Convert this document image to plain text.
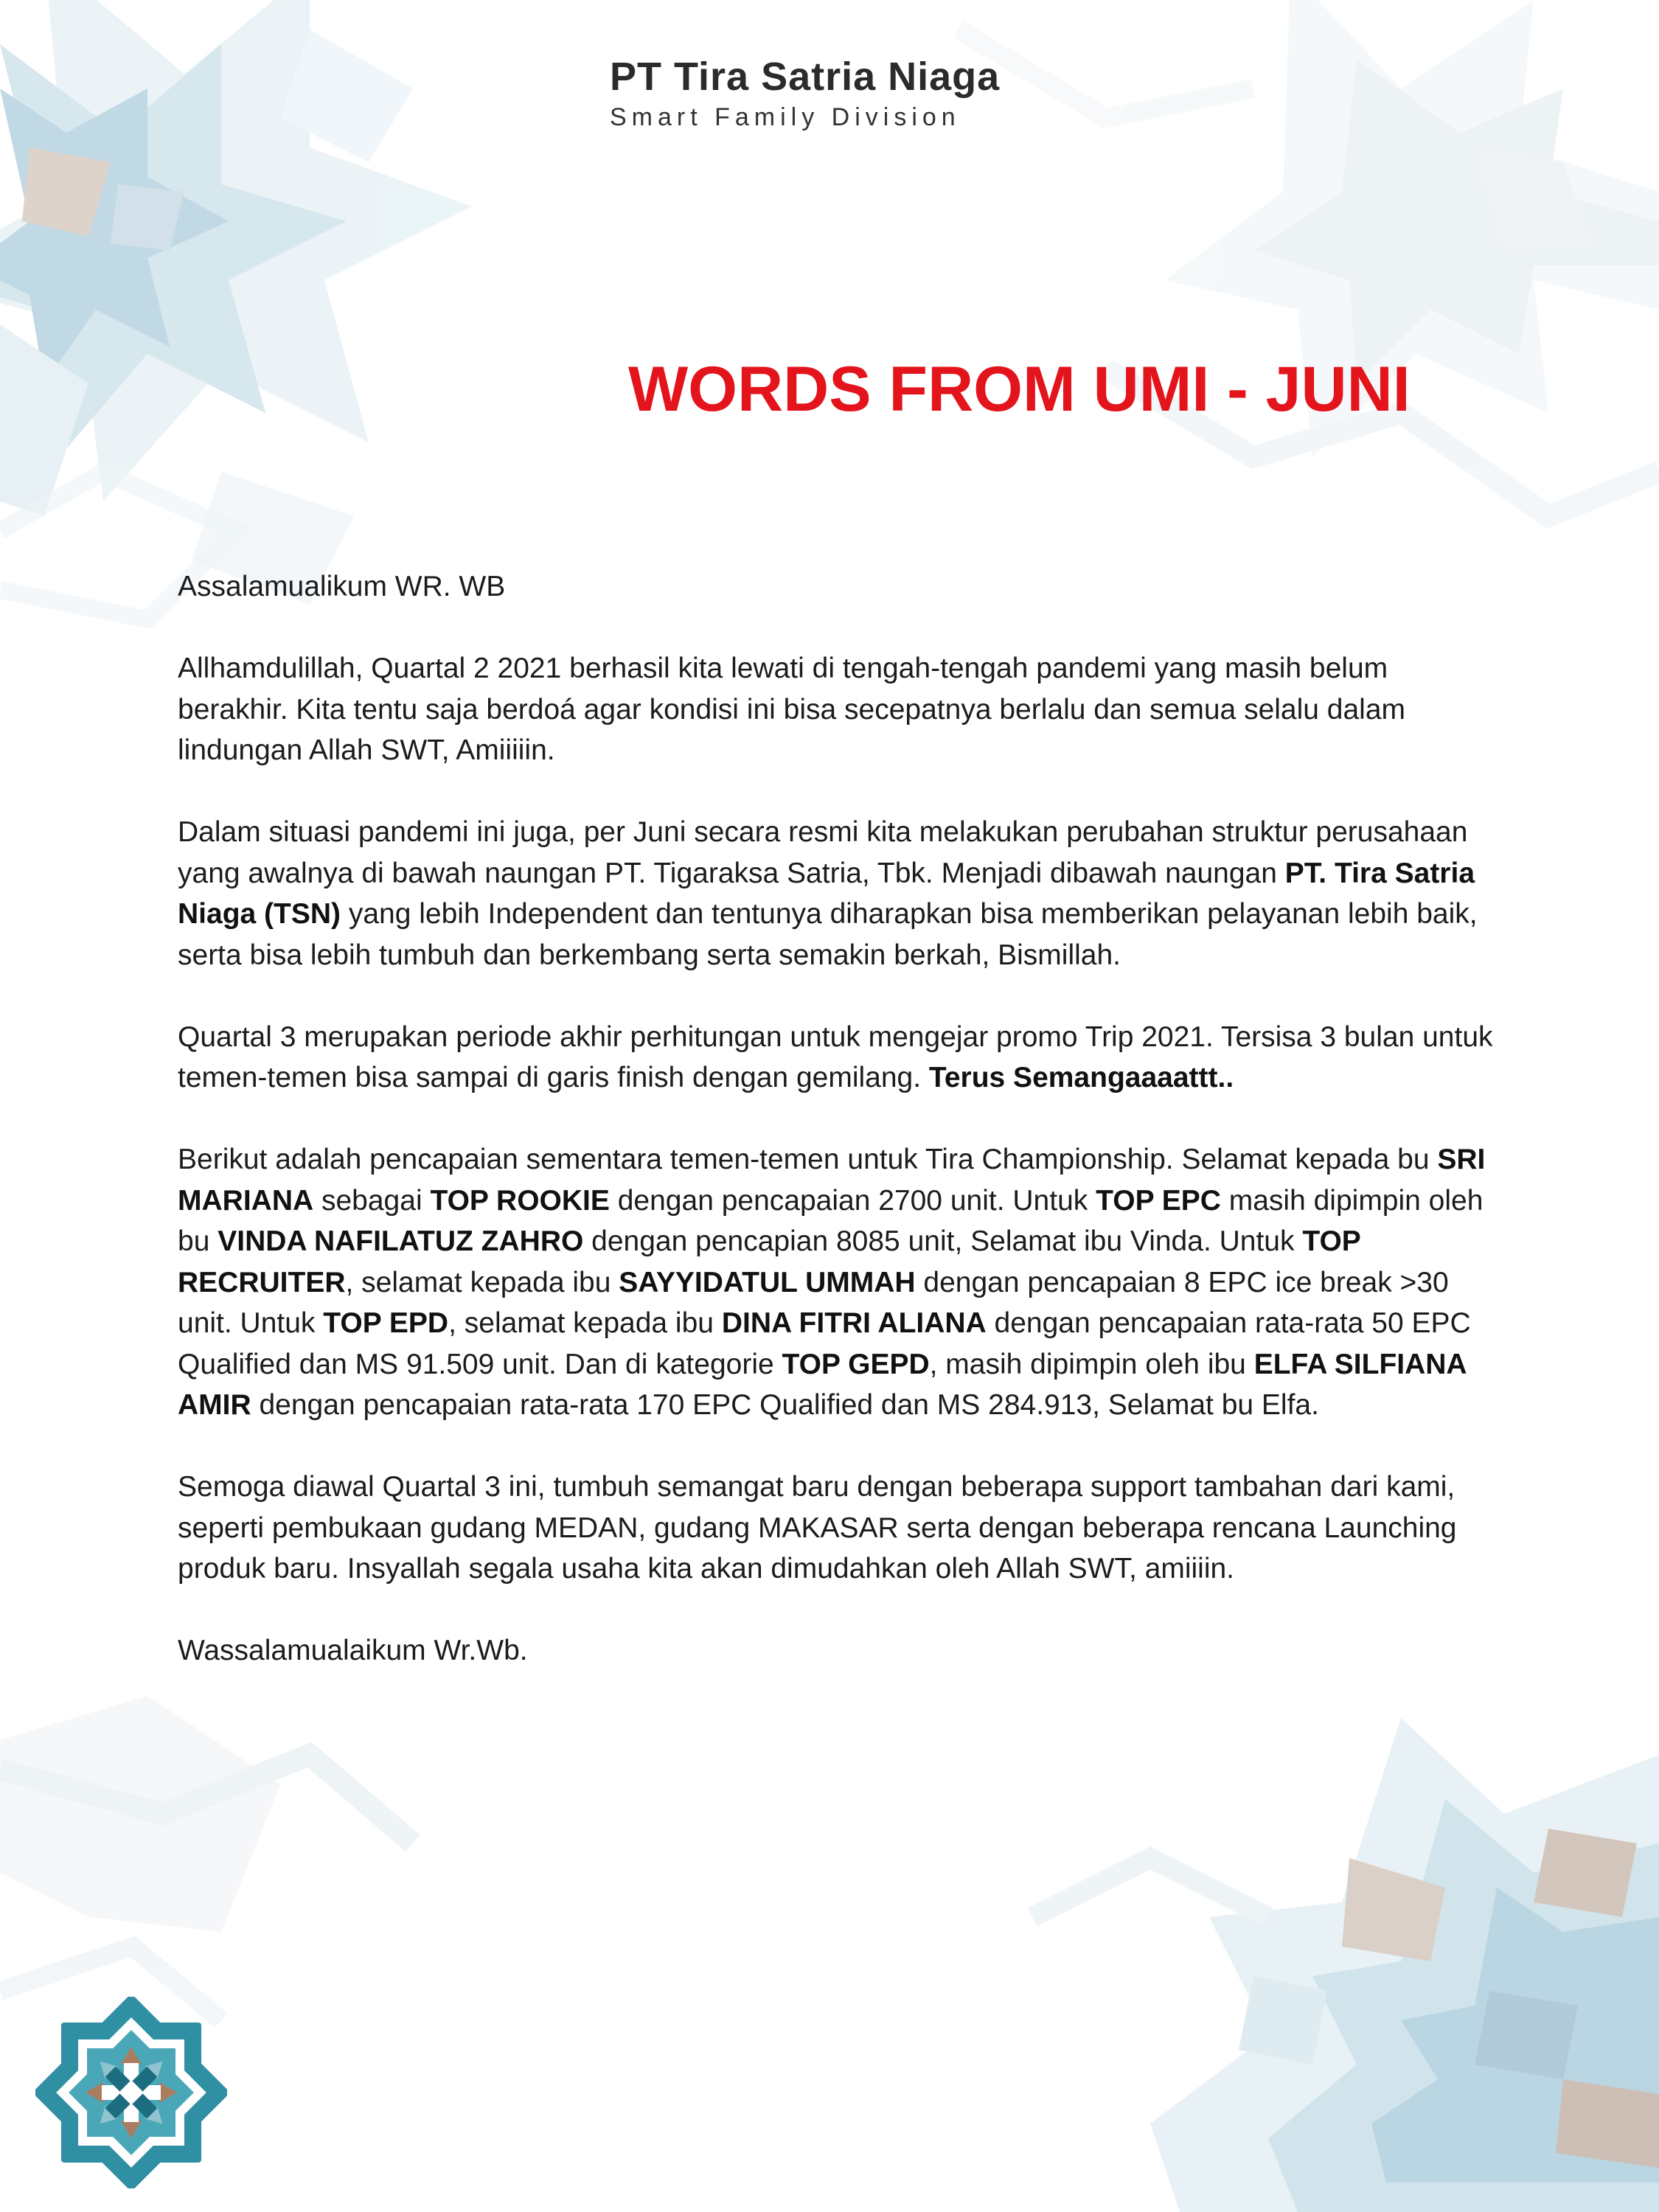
PT Tira Satria Niaga
Smart Family Division
WORDS FROM UMI - JUNI

Assalamualikum WR. WB

Allhamdulillah, Quartal 2 2021 berhasil kita lewati di tengah-tengah pandemi yang masih belum berakhir. Kita tentu saja berdoá agar kondisi ini bisa secepatnya berlalu dan semua selalu dalam lindungan Allah SWT, Amiiiiin.

Dalam situasi pandemi ini juga, per Juni secara resmi kita melakukan perubahan struktur perusahaan yang awalnya di bawah naungan PT. Tigaraksa Satria, Tbk. Menjadi dibawah naungan PT. Tira Satria Niaga (TSN) yang lebih Independent dan tentunya diharapkan bisa memberikan pelayanan lebih baik, serta bisa lebih tumbuh dan berkembang serta semakin berkah, Bismillah.

Quartal 3 merupakan periode akhir perhitungan untuk mengejar promo Trip 2021. Tersisa 3 bulan untuk temen-temen bisa sampai di garis finish dengan gemilang. Terus Semangaaaattt..

Berikut adalah pencapaian sementara temen-temen untuk Tira Championship. Selamat kepada bu SRI MARIANA sebagai TOP ROOKIE dengan pencapaian 2700 unit. Untuk TOP EPC masih dipimpin oleh bu VINDA NAFILATUZ ZAHRO dengan pencapian 8085 unit, Selamat ibu Vinda. Untuk TOP RECRUITER, selamat kepada ibu SAYYIDATUL UMMAH dengan pencapaian 8 EPC ice break >30 unit. Untuk TOP EPD, selamat kepada ibu DINA FITRI ALIANA dengan pencapaian rata-rata 50 EPC Qualified dan MS 91.509 unit. Dan di kategorie TOP GEPD, masih dipimpin oleh ibu ELFA SILFIANA AMIR dengan pencapaian rata-rata 170 EPC Qualified dan MS 284.913, Selamat bu Elfa.

Semoga diawal Quartal 3 ini, tumbuh semangat baru dengan beberapa support tambahan dari kami, seperti pembukaan gudang MEDAN, gudang MAKASAR serta dengan beberapa rencana Launching produk baru. Insyallah segala usaha kita akan dimudahkan oleh Allah SWT, amiiiin.

Wassalamualaikum Wr.Wb.
